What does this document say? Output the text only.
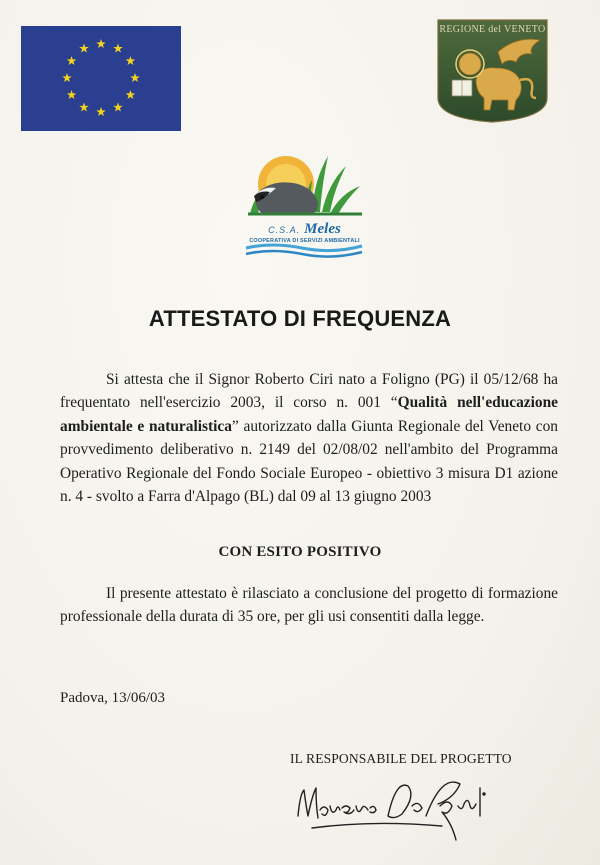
REGIONE del VENETO
C.S.A. Meles
COOPERATIVA DI SERVIZI AMBIENTALI
ATTESTATO DI FREQUENZA
Si attesta che il Signor Roberto Ciri nato a Foligno (PG) il 05/12/68 ha frequentato nell'esercizio 2003, il corso n. 001 “Qualità nell'educazione ambientale e naturalistica” autorizzato dalla Giunta Regionale del Veneto con provvedimento deliberativo n. 2149 del 02/08/02 nell'ambito del Programma Operativo Regionale del Fondo Sociale Europeo - obiettivo 3 misura D1 azione n. 4 - svolto a Farra d'Alpago (BL) dal 09 al 13 giugno 2003
CON ESITO POSITIVO
Il presente attestato è rilasciato a conclusione del progetto di formazione professionale della durata di 35 ore, per gli usi consentiti dalla legge.
Padova, 13/06/03
IL RESPONSABILE DEL PROGETTO
